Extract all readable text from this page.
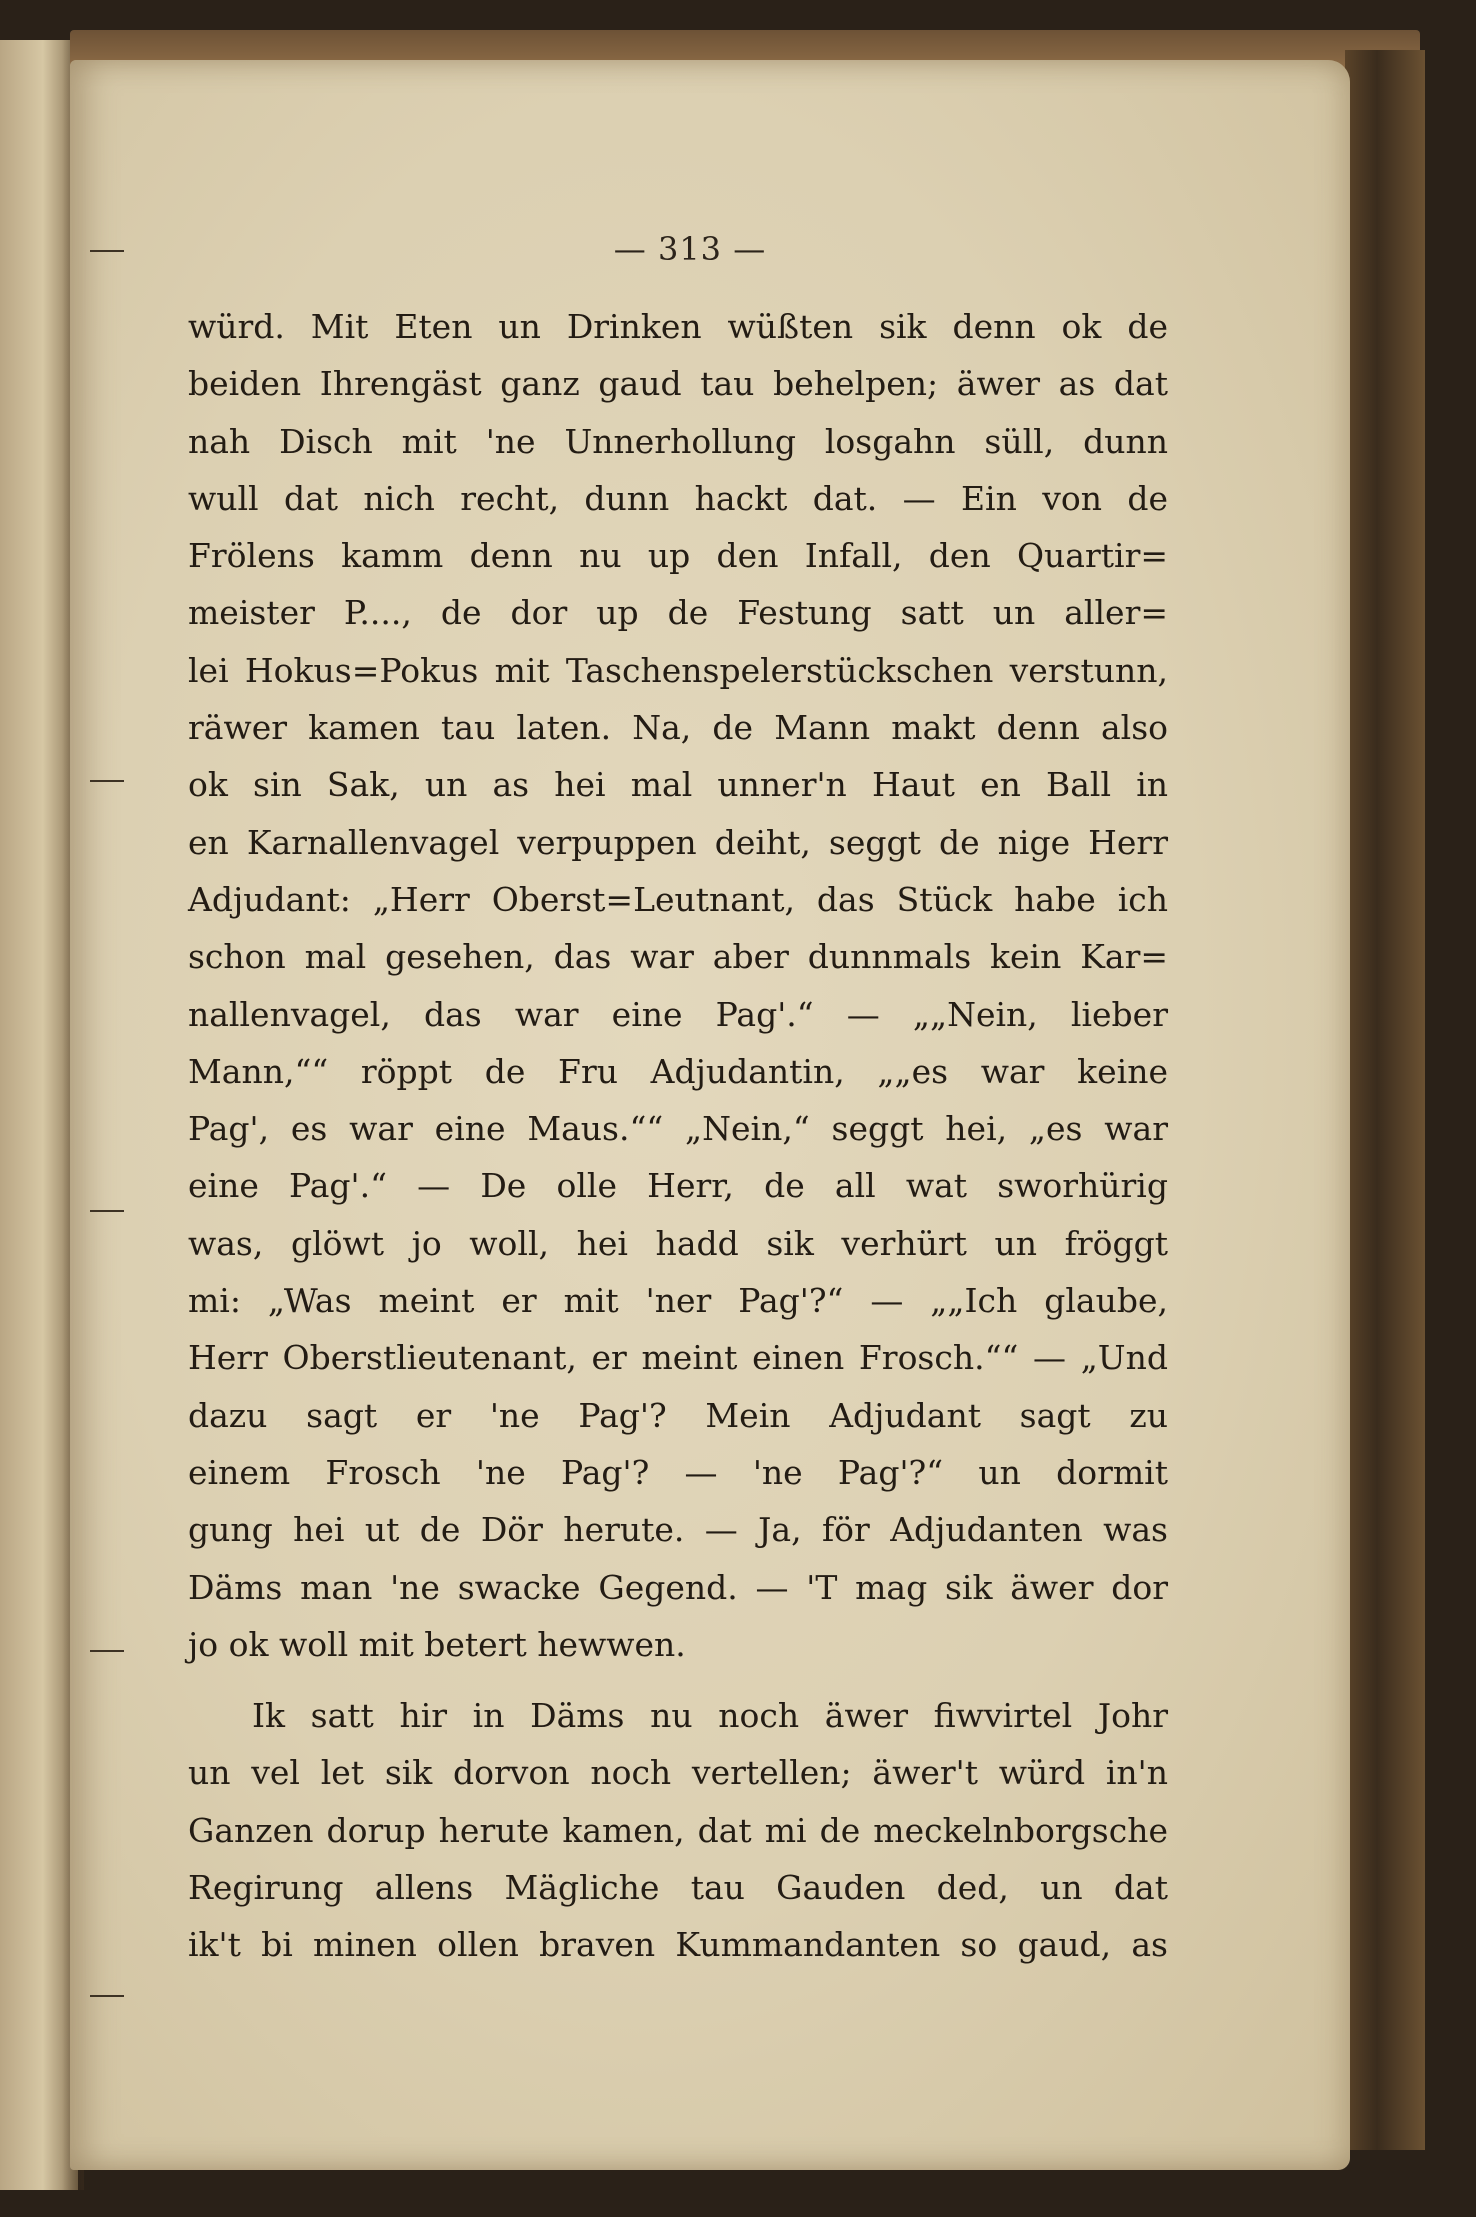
— 313 —
würd. Mit Eten un Drinken wüßten sik denn ok de
beiden Ihrengäst ganz gaud tau behelpen; äwer as dat
nah Disch mit 'ne Unnerhollung losgahn süll, dunn
wull dat nich recht, dunn hackt dat. — Ein von de
Frölens kamm denn nu up den Infall, den Quartir=
meister P...., de dor up de Festung satt un aller=
lei Hokus=Pokus mit Taschenspelerstückschen verstunn,
räwer kamen tau laten. Na, de Mann makt denn also
ok sin Sak, un as hei mal unner'n Haut en Ball in
en Karnallenvagel verpuppen deiht, seggt de nige Herr
Adjudant: „Herr Oberst=Leutnant, das Stück habe ich
schon mal gesehen, das war aber dunnmals kein Kar=
nallenvagel, das war eine Pag'.“ — „„Nein, lieber
Mann,““ röppt de Fru Adjudantin, „„es war keine
Pag', es war eine Maus.““ „Nein,“ seggt hei, „es war
eine Pag'.“ — De olle Herr, de all wat sworhürig
was, glöwt jo woll, hei hadd sik verhürt un fröggt
mi: „Was meint er mit 'ner Pag'?“ — „„Ich glaube,
Herr Oberstlieutenant, er meint einen Frosch.““ — „Und
dazu sagt er 'ne Pag'? Mein Adjudant sagt zu
einem Frosch 'ne Pag'? — 'ne Pag'?“ un dormit
gung hei ut de Dör herute. — Ja, för Adjudanten was
Däms man 'ne swacke Gegend. — 'T mag sik äwer dor
jo ok woll mit betert hewwen.
Ik satt hir in Däms nu noch äwer fiwvirtel Johr
un vel let sik dorvon noch vertellen; äwer't würd in'n
Ganzen dorup herute kamen, dat mi de meckelnborgsche
Regirung allens Mägliche tau Gauden ded, un dat
ik't bi minen ollen braven Kummandanten so gaud, as
